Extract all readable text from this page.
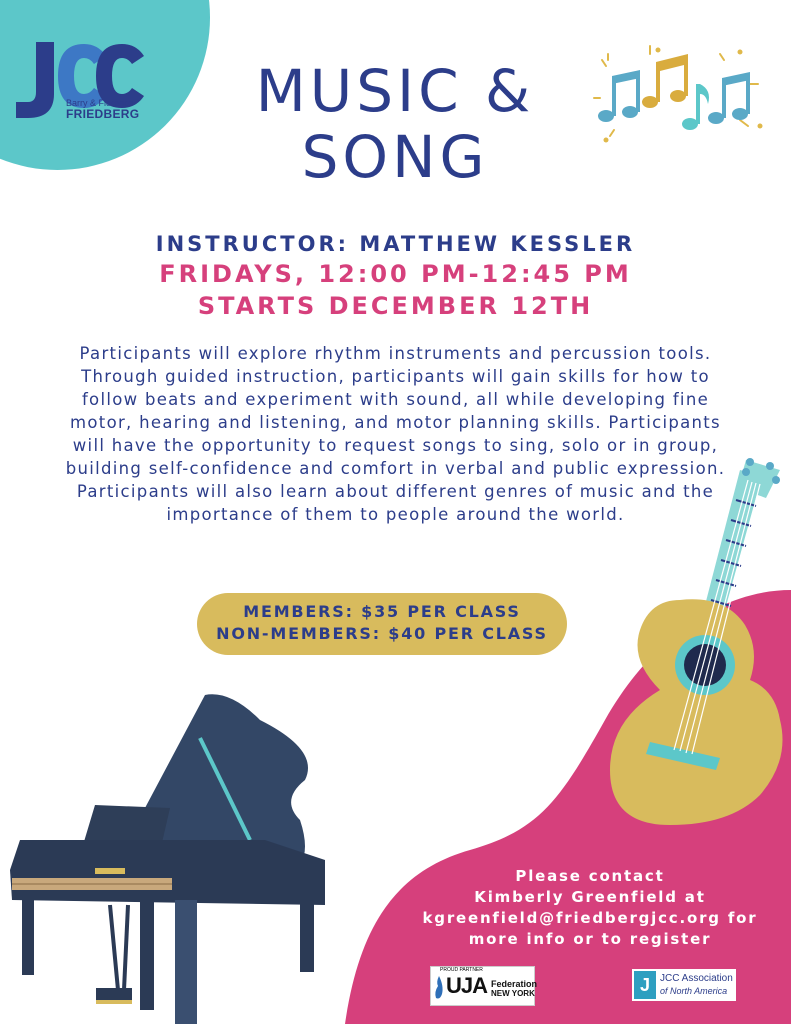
Barry & Florence
FRIEDBERG MUSIC &
SONG
INSTRUCTOR: MATTHEW KESSLER
FRIDAYS, 12:00 PM-12:45 PM
STARTS DECEMBER 12TH
Participants will explore rhythm instruments and percussion tools. Through guided instruction, participants will gain skills for how to follow beats and experiment with sound, all while developing fine motor, hearing and listening, and motor planning skills. Participants will have the opportunity to request songs to sing, solo or in group, building self-confidence and comfort in verbal and public expression. Participants will also learn about different genres of music and the importance of them to people around the world.
MEMBERS: $35 PER CLASS
NON-MEMBERS: $40 PER CLASS
Please contact
Kimberly Greenfield at
kgreenfield@friedbergjcc.org for
more info or to register
PROUD PARTNER
UJA Federation
NEW YORK	J	JCC Association
of North America
